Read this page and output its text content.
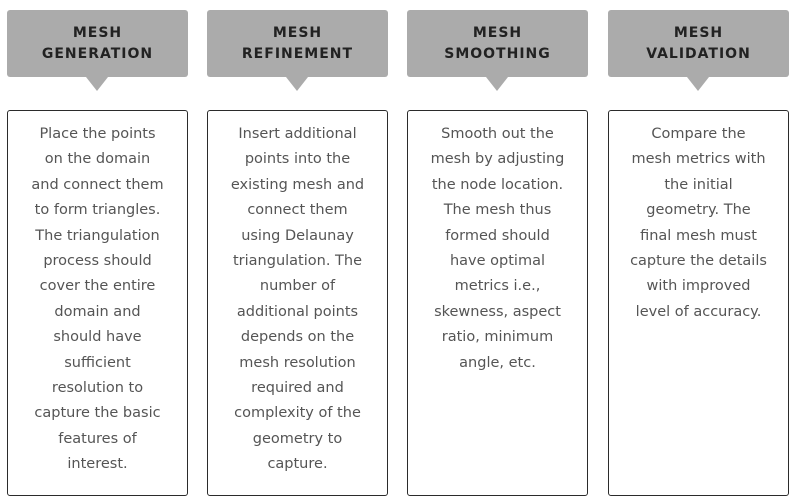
MESH
GENERATION
Place the points
on the domain
and connect them
to form triangles.
The triangulation
process should
cover the entire
domain and
should have
sufficient
resolution to
capture the basic
features of
interest.
MESH
REFINEMENT
Insert additional
points into the
existing mesh and
connect them
using Delaunay
triangulation. The
number of
additional points
depends on the
mesh resolution
required and
complexity of the
geometry to
capture.
MESH
SMOOTHING
Smooth out the
mesh by adjusting
the node location.
The mesh thus
formed should
have optimal
metrics i.e.,
skewness, aspect
ratio, minimum
angle, etc.
MESH
VALIDATION
Compare the
mesh metrics with
the initial
geometry. The
final mesh must
capture the details
with improved
level of accuracy.
